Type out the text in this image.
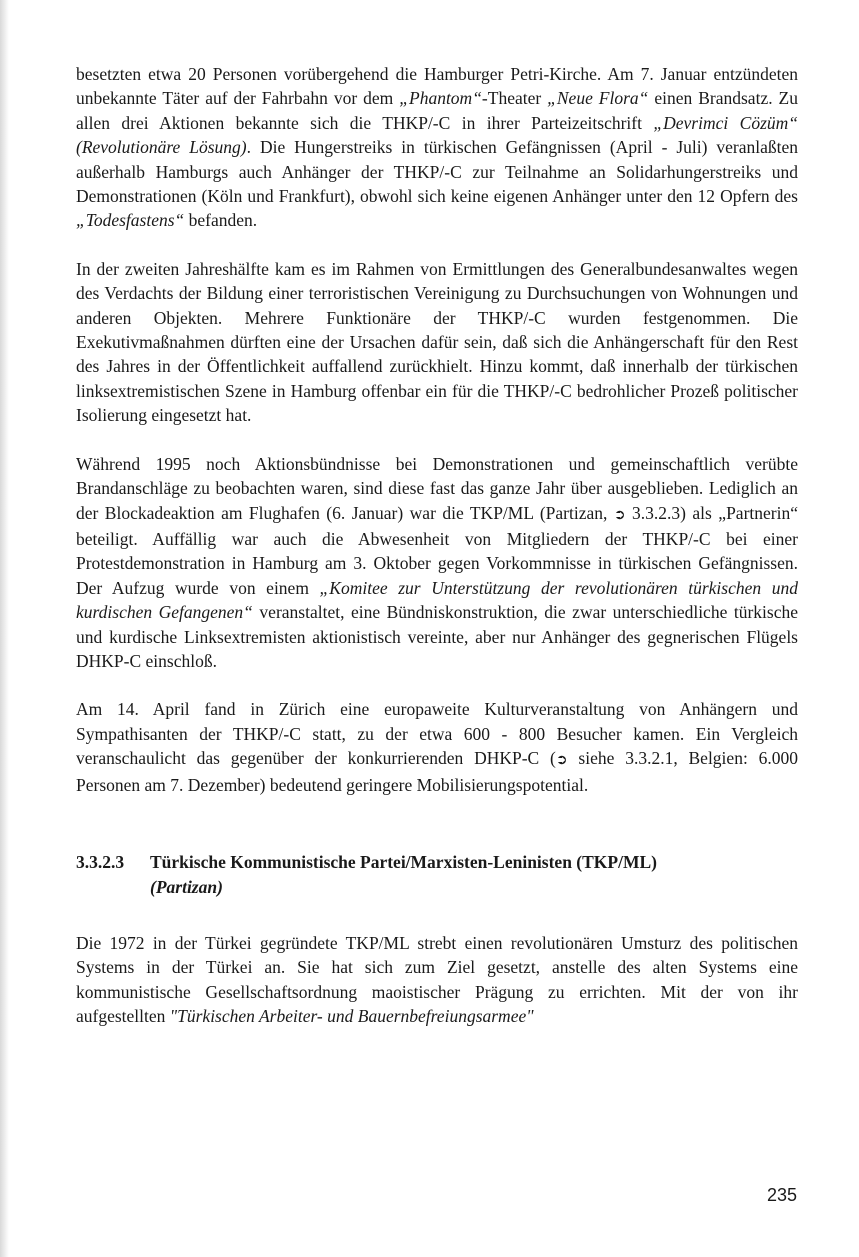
besetzten etwa 20 Personen vorübergehend die Hamburger Petri-Kirche. Am 7. Januar entzündeten unbekannte Täter auf der Fahrbahn vor dem „Phantom“-Theater „Neue Flora“ einen Brandsatz. Zu allen drei Aktionen bekannte sich die THKP/-C in ihrer Parteizeitschrift „Devrimci Cözüm“ (Revolutionäre Lösung). Die Hungerstreiks in türkischen Gefängnissen (April - Juli) veranlaßten außerhalb Hamburgs auch Anhänger der THKP/-C zur Teilnahme an Solidarhungerstreiks und Demonstrationen (Köln und Frankfurt), obwohl sich keine eigenen Anhänger unter den 12 Opfern des „Todesfastens“ befanden.

In der zweiten Jahreshälfte kam es im Rahmen von Ermittlungen des Generalbundesanwaltes wegen des Verdachts der Bildung einer terroristischen Vereinigung zu Durchsuchungen von Wohnungen und anderen Objekten. Mehrere Funktionäre der THKP/-C wurden festgenommen. Die Exekutivmaßnahmen dürften eine der Ursachen dafür sein, daß sich die Anhängerschaft für den Rest des Jahres in der Öffentlichkeit auffallend zurückhielt. Hinzu kommt, daß innerhalb der türkischen linksextremistischen Szene in Hamburg offenbar ein für die THKP/-C bedrohlicher Prozeß politischer Isolierung eingesetzt hat.

Während 1995 noch Aktionsbündnisse bei Demonstrationen und gemeinschaftlich verübte Brandanschläge zu beobachten waren, sind diese fast das ganze Jahr über ausgeblieben. Lediglich an der Blockadeaktion am Flughafen (6. Januar) war die TKP/ML (Partizan, ➲ 3.3.2.3) als „Partnerin“ beteiligt. Auffällig war auch die Abwesenheit von Mitgliedern der THKP/-C bei einer Protestdemonstration in Hamburg am 3. Oktober gegen Vorkommnisse in türkischen Gefängnissen. Der Aufzug wurde von einem „Komitee zur Unterstützung der revolutionären türkischen und kurdischen Gefangenen“ veranstaltet, eine Bündniskonstruktion, die zwar unterschiedliche türkische und kurdische Linksextremisten aktionistisch vereinte, aber nur Anhänger des gegnerischen Flügels DHKP-C einschloß.

Am 14. April fand in Zürich eine europaweite Kulturveranstaltung von Anhängern und Sympathisanten der THKP/-C statt, zu der etwa 600 - 800 Besucher kamen. Ein Vergleich veranschaulicht das gegenüber der konkurrierenden DHKP-C (➲ siehe 3.3.2.1, Belgien: 6.000 Personen am 7. Dezember) bedeutend geringere Mobilisierungspotential.

3.3.2.3	Türkische Kommunistische Partei/Marxisten-Leninisten (TKP/ML)
(Partizan)

Die 1972 in der Türkei gegründete TKP/ML strebt einen revolutionären Umsturz des politischen Systems in der Türkei an. Sie hat sich zum Ziel gesetzt, anstelle des alten Systems eine kommunistische Gesellschaftsordnung maoistischer Prägung zu errichten. Mit der von ihr aufgestellten "Türkischen Arbeiter- und Bauernbefreiungsarmee"

235
